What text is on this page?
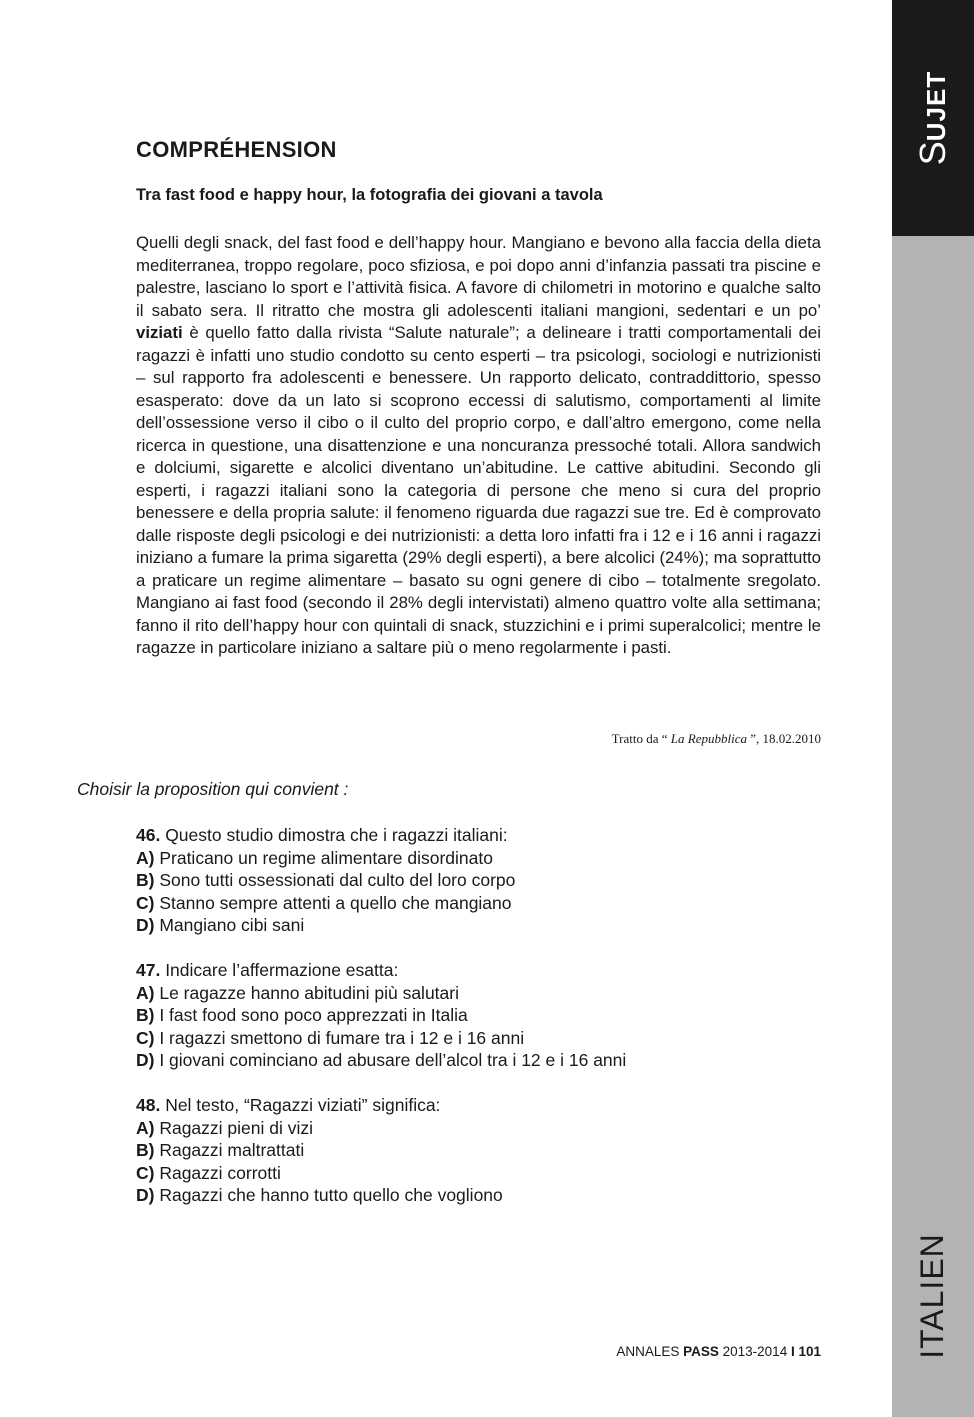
SUJET
ITALIEN
COMPRÉHENSION
Tra fast food e happy hour, la fotografia dei giovani a tavola

Quelli degli snack, del fast food e dell’happy hour. Mangiano e bevono alla faccia della dieta mediterranea, troppo regolare, poco sfiziosa, e poi dopo anni d’infanzia passati tra piscine e palestre, lasciano lo sport e l’attività fisica. A favore di chilometri in motorino e qualche salto il sabato sera. Il ritratto che mostra gli adolescenti italiani mangioni, sedentari e un po’ viziati è quello fatto dalla rivista “Salute naturale”; a delineare i tratti comportamentali dei ragazzi è infatti uno studio condotto su cento esperti – tra psicologi, sociologi e nutrizionisti – sul rapporto fra adolescenti e benessere. Un rapporto delicato, contraddittorio, spesso esasperato: dove da un lato si scoprono eccessi di salutismo, comportamenti al limite dell’ossessione verso il cibo o il culto del proprio corpo, e dall’altro emergono, come nella ricerca in questione, una disattenzione e una noncuranza pressoché totali. Allora sandwich e dolciumi, sigarette e alcolici diventano un’abitudine. Le cattive abitudini. Secondo gli esperti, i ragazzi italiani sono la categoria di persone che meno si cura del proprio benessere e della propria salute: il fenomeno riguarda due ragazzi sue tre. Ed è comprovato dalle risposte degli psicologi e dei nutrizionisti: a detta loro infatti fra i 12 e i 16 anni i ragazzi iniziano a fumare la prima sigaretta (29% degli esperti), a bere alcolici (24%); ma soprattutto a praticare un regime alimentare – basato su ogni genere di cibo – totalmente sregolato. Mangiano ai fast food (secondo il 28% degli intervistati) almeno quattro volte alla settimana; fanno il rito dell’happy hour con quintali di snack, stuzzichini e i primi superalcolici; mentre le ragazze in particolare iniziano a saltare più o meno regolarmente i pasti.

Tratto da “ La Repubblica ”, 18.02.2010
Choisir la proposition qui convient :
46. Questo studio dimostra che i ragazzi italiani:
A) Praticano un regime alimentare disordinato
B) Sono tutti ossessionati dal culto del loro corpo
C) Stanno sempre attenti a quello che mangiano
D) Mangiano cibi sani
47. Indicare l’affermazione esatta:
A) Le ragazze hanno abitudini più salutari
B) I fast food sono poco apprezzati in Italia
C) I ragazzi smettono di fumare tra i 12 e i 16 anni
D) I giovani cominciano ad abusare dell’alcol tra i 12 e i 16 anni
48. Nel testo, “Ragazzi viziati” significa:
A) Ragazzi pieni di vizi
B) Ragazzi maltrattati
C) Ragazzi corrotti
D) Ragazzi che hanno tutto quello che vogliono
ANNALES PASS 2013-2014 I 101
